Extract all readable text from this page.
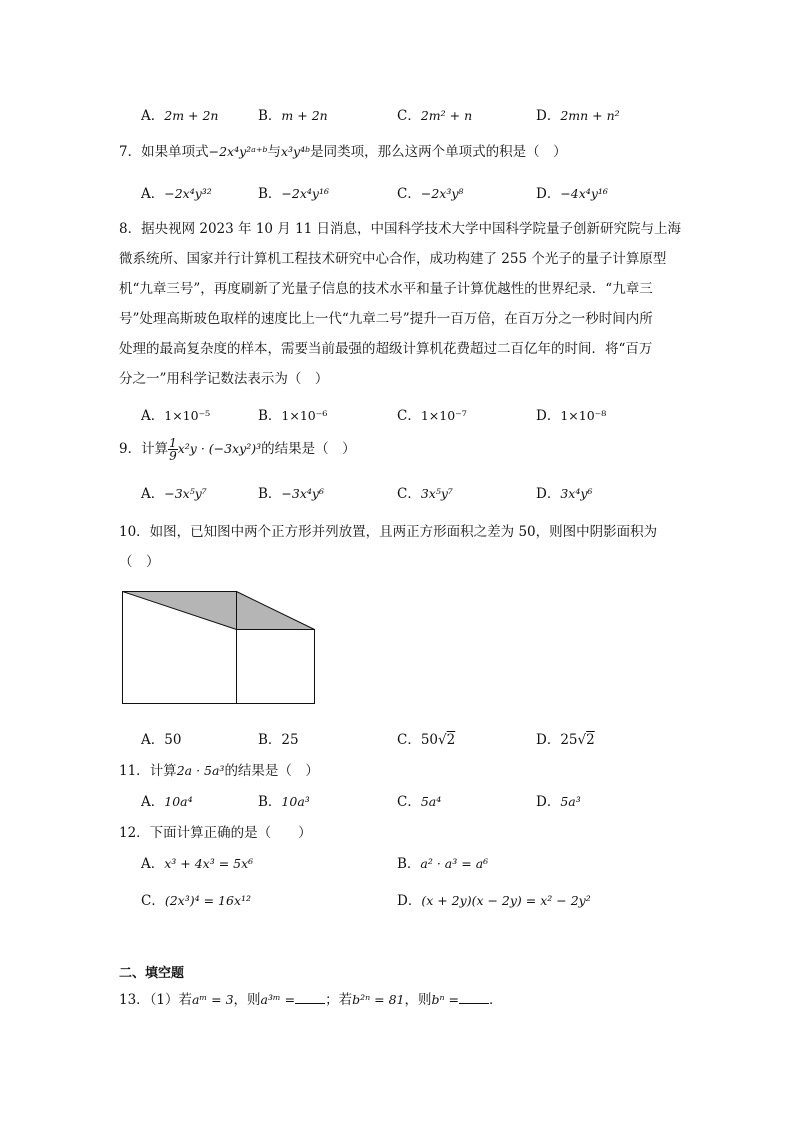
A．2m + 2n	B．m + 2n	C．2m² + n	D．2mn + n²
7．如果单项式−2x⁴y²ᵃ⁺ᵇ与x³y⁴ᵇ是同类项，那么这两个单项式的积是（　）
A．−2x⁴y³²	B．−2x⁴y¹⁶	C．−2x³y⁸	D．−4x⁴y¹⁶
8．据央视网 2023 年 10 月 11 日消息，中国科学技术大学中国科学院量子创新研究院与上海
微系统所、国家并行计算机工程技术研究中心合作，成功构建了 255 个光子的量子计算原型
机“九章三号”，再度刷新了光量子信息的技术水平和量子计算优越性的世界纪录．“九章三
号”处理高斯玻色取样的速度比上一代“九章二号”提升一百万倍，在百万分之一秒时间内所
处理的最高复杂度的样本，需要当前最强的超级计算机花费超过二百亿年的时间．将“百万
分之一”用科学记数法表示为（　）
A．1×10⁻⁵	B．1×10⁻⁶	C．1×10⁻⁷	D．1×10⁻⁸
9．计算 $\frac{1}{9} x^2y \cdot (-3xy^2)^3$的结果是（　）
A．−3x⁵y⁷	B．−3x⁴y⁶	C．3x⁵y⁷	D．3x⁴y⁶
10．如图，已知图中两个正方形并列放置，且两正方形面积之差为 50，则图中阴影面积为
（　）
A．50	B．25	C．50√2	D．25√2
11．计算2a · 5a³的结果是（　）
A．10a⁴	B．10a³	C．5a⁴	D．5a³
12．下面计算正确的是（　　）
A．x³ + 4x³ = 5x⁶	B．a² · a³ = a⁶
C．(2x³)⁴ = 16x¹²	D．(x + 2y)(x − 2y) = x² − 2y²
二、填空题
13．（1）若aᵐ = 3，则a³ᵐ = ；若b²ⁿ = 81，则bⁿ = ．
